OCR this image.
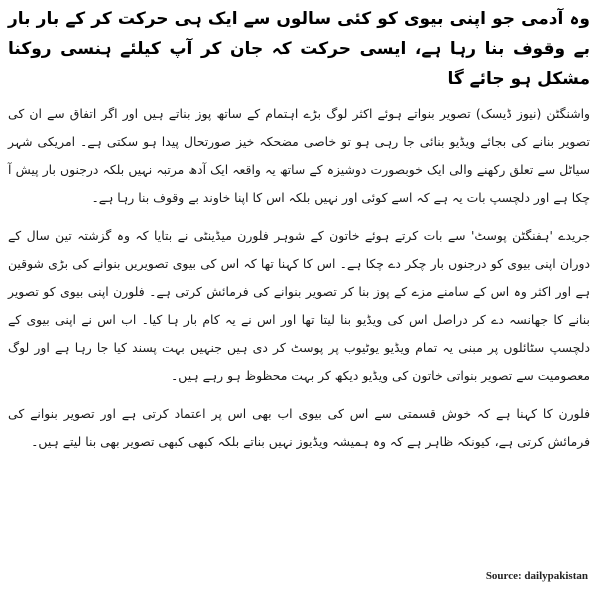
وہ آدمی جو اپنی بیوی کو کئی سالوں سے ایک ہی حرکت کر کے بار بار بے وقوف بنا رہا ہے، ایسی حرکت کہ جان کر آپ کیلئے ہنسی روکنا مشکل ہو جائے گا

واشنگٹن (نیوز ڈیسک) تصویر بنواتے ہوئے اکثر لوگ بڑے اہتمام کے ساتھ پوز بناتے ہیں اور اگر اتفاق سے ان کی تصویر بنانے کی بجائے ویڈیو بنائی جا رہی ہو تو خاصی مضحکہ خیز صورتحال پیدا ہو سکتی ہے۔ امریکی شہر سیاٹل سے تعلق رکھنے والی ایک خوبصورت دوشیزہ کے ساتھ یہ واقعہ ایک آدھ مرتبہ نہیں بلکہ درجنوں بار پیش آ چکا ہے اور دلچسپ بات یہ ہے کہ اسے کوئی اور نہیں بلکہ اس کا اپنا خاوند بے وقوف بنا رہا ہے۔

جریدے 'ہفنگٹن پوسٹ' سے بات کرتے ہوئے خاتون کے شوہر فلورن میڈینٹی نے بتایا کہ وہ گزشتہ تین سال کے دوران اپنی بیوی کو درجنوں بار چکر دے چکا ہے۔ اس کا کہنا تھا کہ اس کی بیوی تصویریں بنوانے کی بڑی شوقین ہے اور اکثر وہ اس کے سامنے مزے کے پوز بنا کر تصویر بنوانے کی فرمائش کرتی ہے۔ فلورن اپنی بیوی کو تصویر بنانے کا جھانسہ دے کر دراصل اس کی ویڈیو بنا لیتا تھا اور اس نے یہ کام بار ہا کیا۔ اب اس نے اپنی بیوی کے دلچسپ سٹائلوں پر مبنی یہ تمام ویڈیو یوٹیوب پر پوسٹ کر دی ہیں جنہیں بہت پسند کیا جا رہا ہے اور لوگ معصومیت سے تصویر بنواتی خاتون کی ویڈیو دیکھ کر بہت محظوظ ہو رہے ہیں۔

فلورن کا کہنا ہے کہ خوش قسمتی سے اس کی بیوی اب بھی اس پر اعتماد کرتی ہے اور تصویر بنوانے کی فرمائش کرتی ہے، کیونکہ ظاہر ہے کہ وہ ہمیشہ ویڈیوز نہیں بناتے بلکہ کبھی کبھی تصویر بھی بنا لیتے ہیں۔

Source: dailypakistan
